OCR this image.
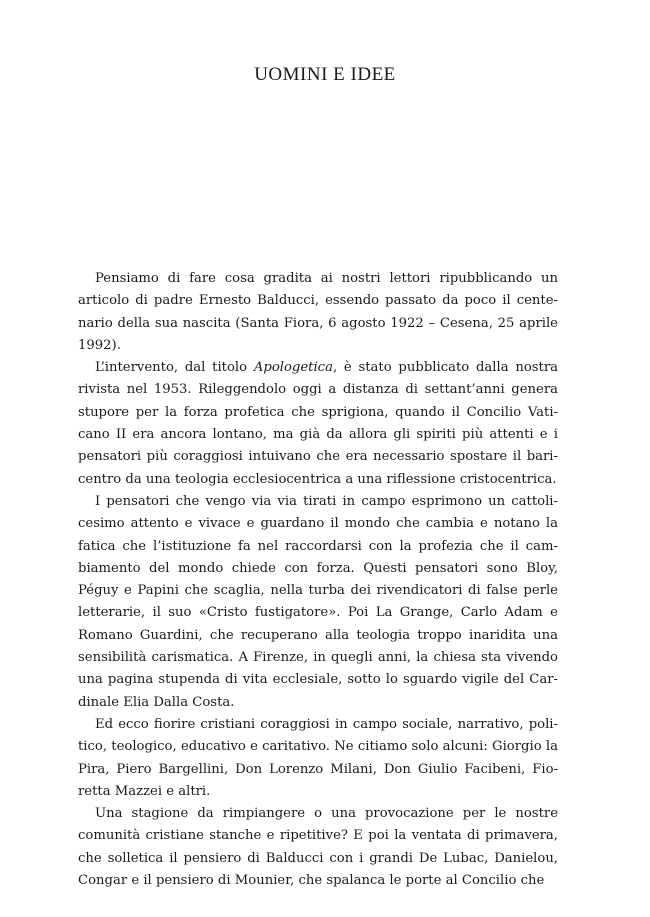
UOMINI E IDEE

Pensiamo di fare cosa gradita ai nostri lettori ripubblicando un articolo di padre Ernesto Balducci, essendo passato da poco il centenario della sua nascita (Santa Fiora, 6 agosto 1922 – Cesena, 25 aprile 1992).

L’intervento, dal titolo Apologetica, è stato pubblicato dalla nostra rivista nel 1953. Rileggendolo oggi a distanza di settant’anni genera stupore per la forza profetica che sprigiona, quando il Concilio Vaticano II era ancora lontano, ma già da allora gli spiriti più attenti e i pensatori più coraggiosi intuivano che era necessario spostare il baricentro da una teologia ecclesiocentrica a una riflessione cristocentrica.

I pensatori che vengo via via tirati in campo esprimono un cattolicesimo attento e vivace e guardano il mondo che cambia e notano la fatica che l’istituzione fa nel raccordarsi con la profezia che il cambiamento del mondo chiede con forza. Questi pensatori sono Bloy, Péguy e Papini che scaglia, nella turba dei rivendicatori di false perle letterarie, il suo «Cristo fustigatore». Poi La Grange, Carlo Adam e Romano Guardini, che recuperano alla teologia troppo inaridita una sensibilità carismatica. A Firenze, in quegli anni, la chiesa sta vivendo una pagina stupenda di vita ecclesiale, sotto lo sguardo vigile del Cardinale Elia Dalla Costa.

Ed ecco fiorire cristiani coraggiosi in campo sociale, narrativo, politico, teologico, educativo e caritativo. Ne citiamo solo alcuni: Giorgio la Pira, Piero Bargellini, Don Lorenzo Milani, Don Giulio Facibeni, Fioretta Mazzei e altri.

Una stagione da rimpiangere o una provocazione per le nostre comunità cristiane stanche e ripetitive? E poi la ventata di primavera, che solletica il pensiero di Balducci con i grandi De Lubac, Danielou, Congar e il pensiero di Mounier, che spalanca le porte al Concilio che
